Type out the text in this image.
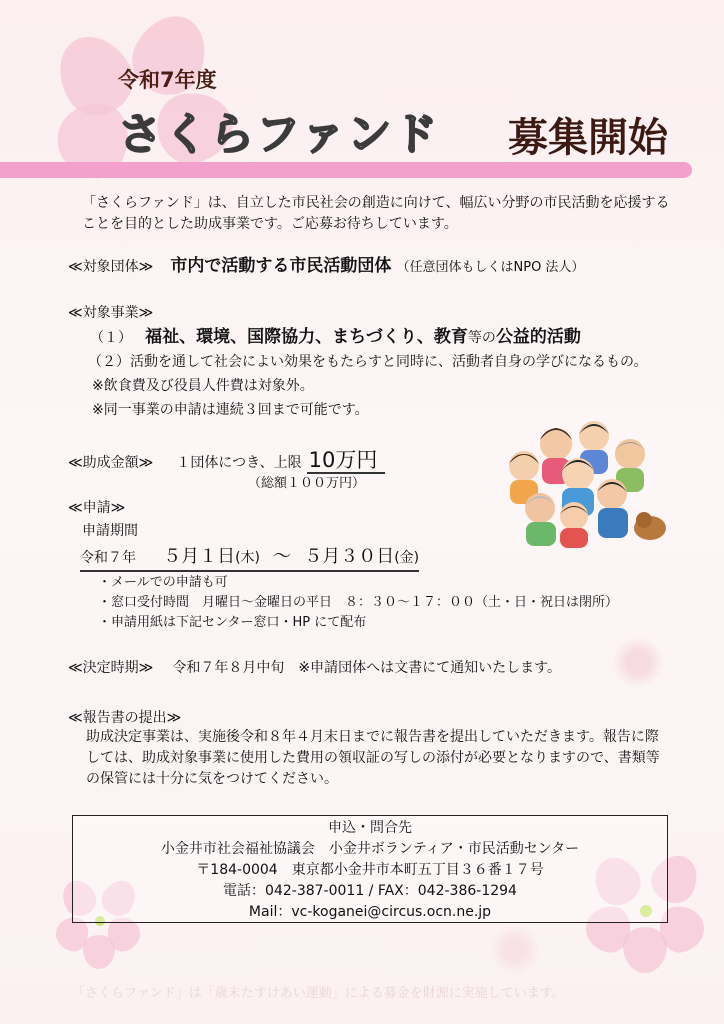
令和7年度
さくらファンド 募集開始
「さくらファンド」は、自立した市民社会の創造に向けて、幅広い分野の市民活動を応援することを目的とした助成事業です。ご応募お待ちしています。
≪対象団体≫ 市内で活動する市民活動団体 （任意団体もしくはNPO 法人）
≪対象事業≫
（１） 福祉、環境、国際協力、まちづくり、教育等の公益的活動
（２）活動を通して社会によい効果をもたらすと同時に、活動者自身の学びになるもの。
※飲食費及び役員人件費は対象外。
※同一事業の申請は連続３回まで可能です。
≪助成金額≫ １団体につき、上限 10万円
（総額１００万円）
≪申請≫
申請期間
令和７年 ５月１日(木) ～ ５月３０日(金)
・メールでの申請も可
・窓口受付時間　月曜日～金曜日の平日　８：３０～１７：００（土・日・祝日は閉所）
・申請用紙は下記センター窓口・HP にて配布
≪決定時期≫ 令和７年８月中旬　※申請団体へは文書にて通知いたします。
≪報告書の提出≫
助成決定事業は、実施後令和８年４月末日までに報告書を提出していただきます。報告に際しては、助成対象事業に使用した費用の領収証の写しの添付が必要となりますので、書類等の保管には十分に気をつけてください。
申込・問合先
小金井市社会福祉協議会　小金井ボランティア・市民活動センター
〒184-0004　東京都小金井市本町五丁目３６番１７号
電話：042-387-0011 / FAX：042-386-1294
Mail：vc-koganei@circus.ocn.ne.jp
「さくらファンド」は「歳末たすけあい運動」による募金を財源に実施しています。
